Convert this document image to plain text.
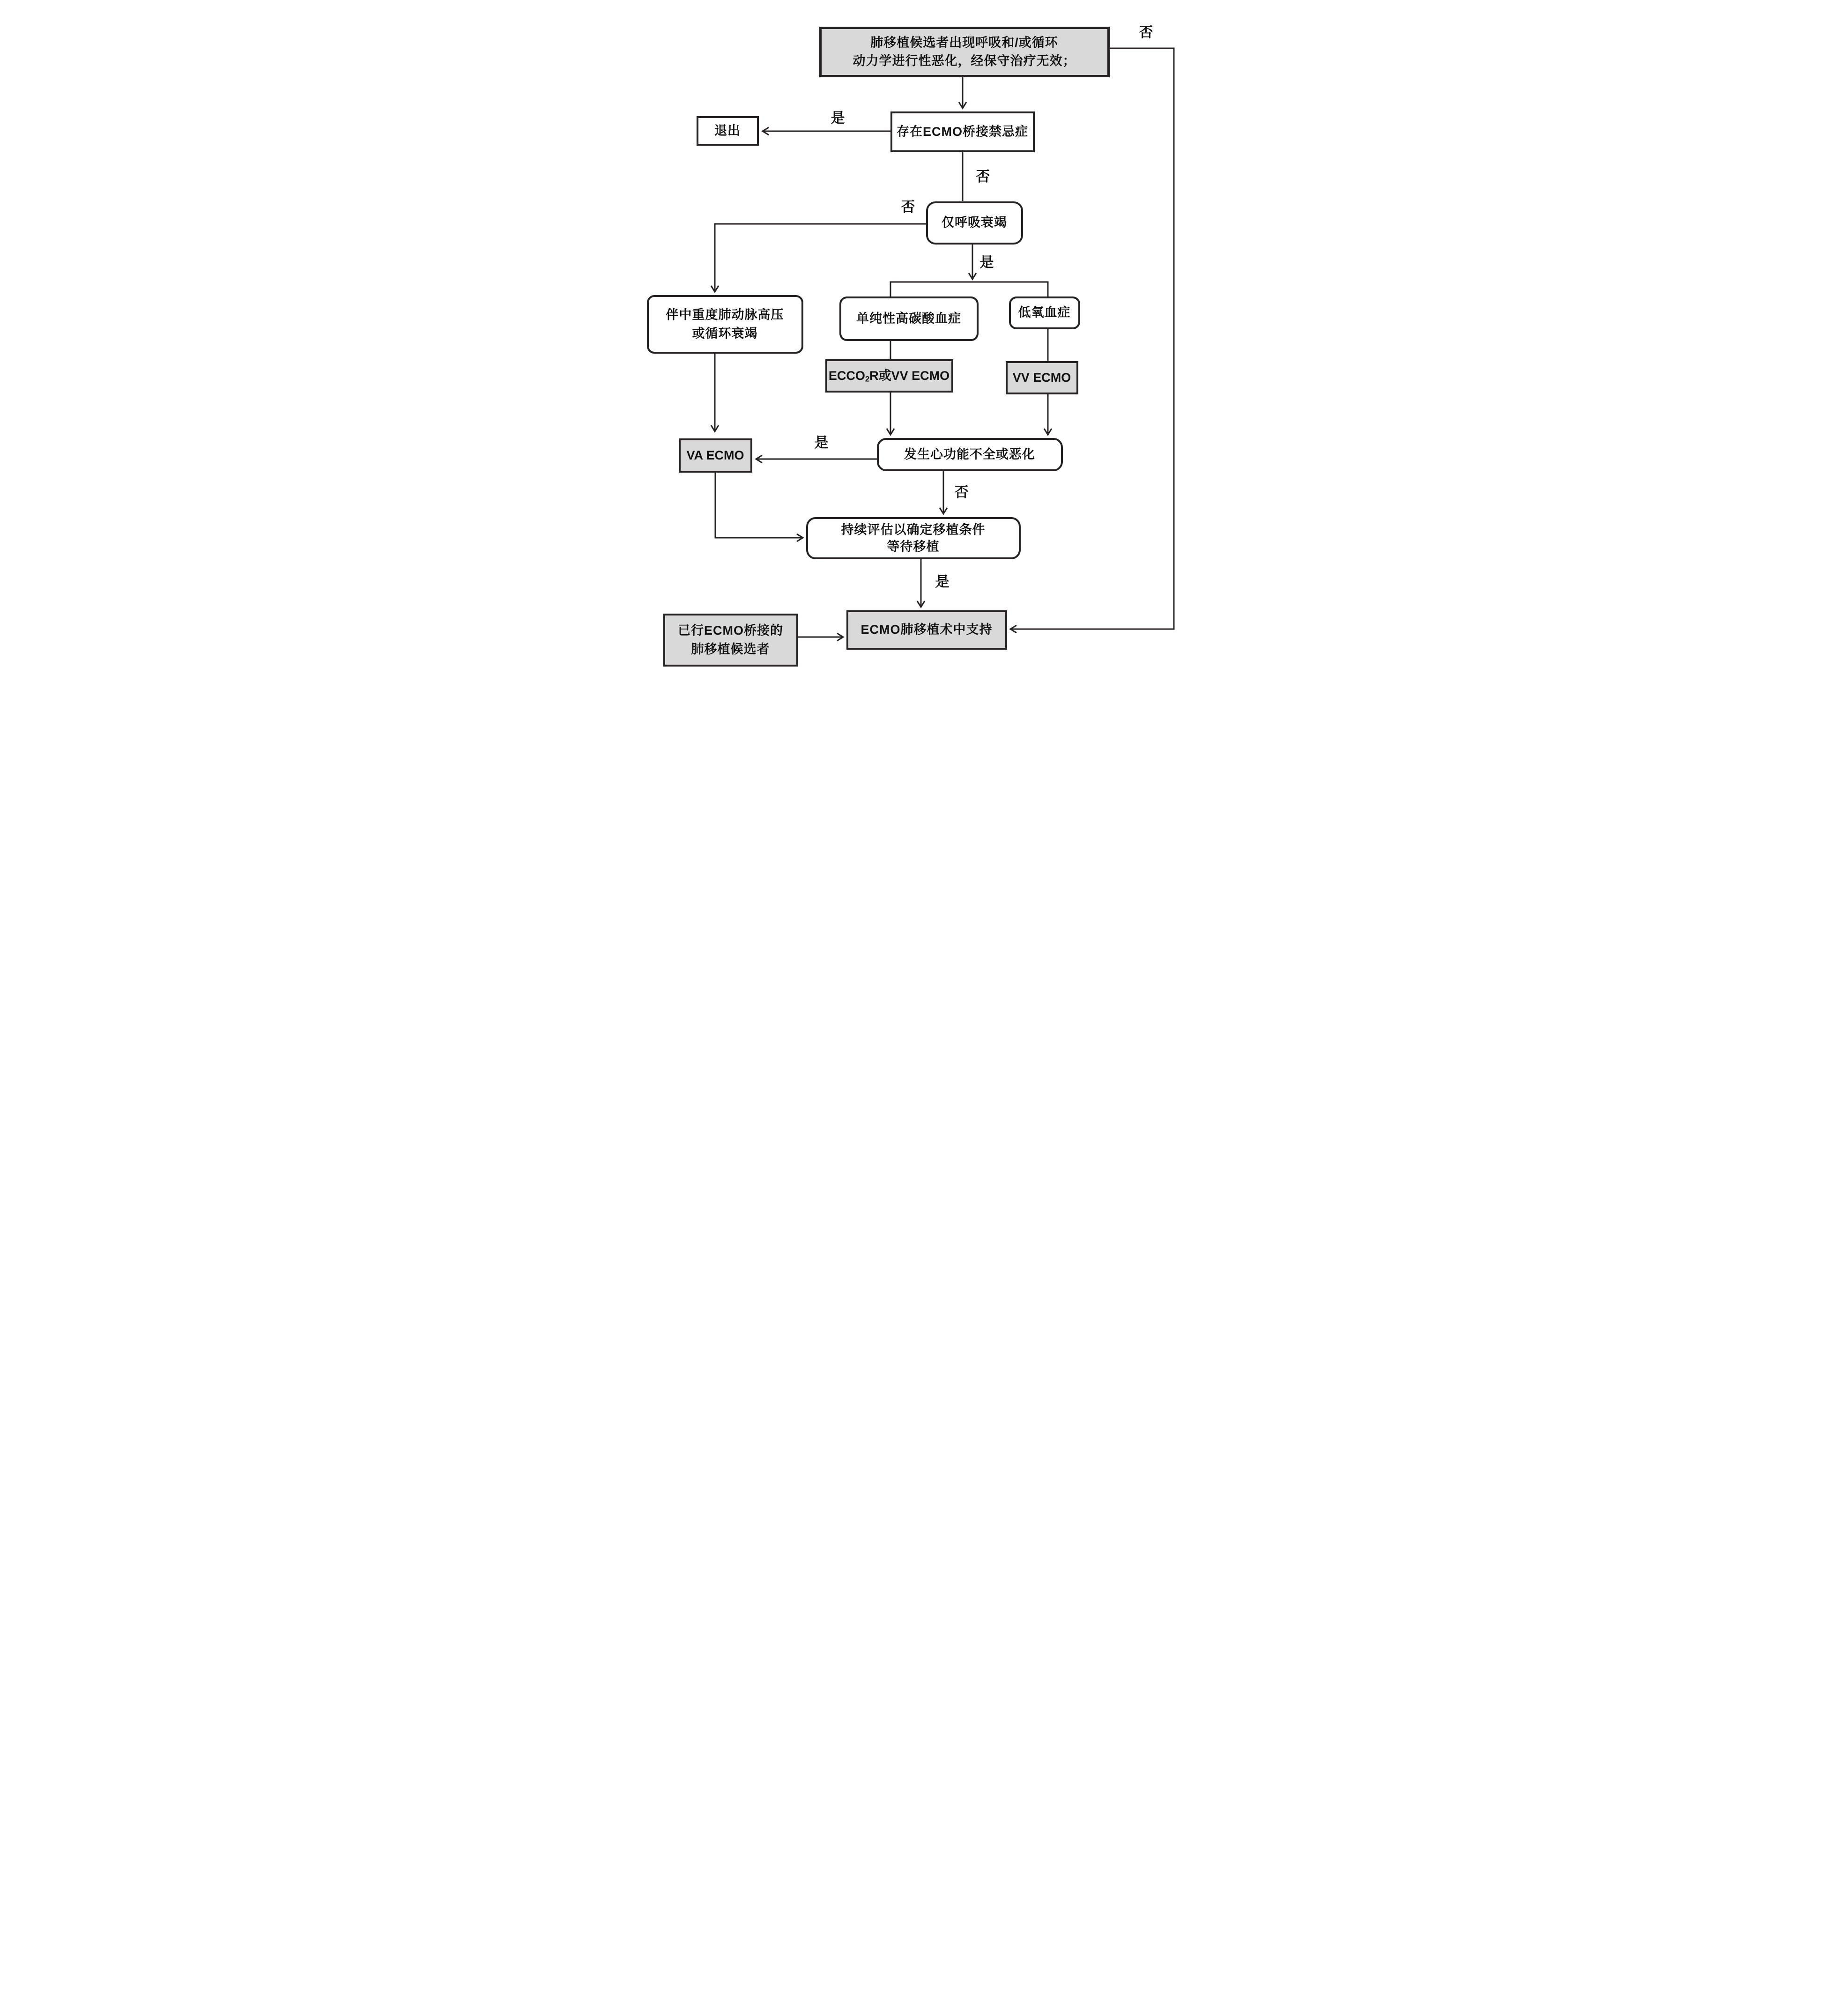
肺移植候选者出现呼吸和/或循环
动力学进行性恶化，经保守治疗无效；
存在ECMO桥接禁忌症
退出
仅呼吸衰竭
伴中重度肺动脉高压
或循环衰竭
单纯性高碳酸血症	低氧血症
ECCO 2 R或VV ECMO	VV ECMO
VA ECMO	发生心功能不全或恶化
持续评估以确定移植条件
等待移植
ECMO肺移植术中支持
已行ECMO桥接的
肺移植候选者
否
是
否
否
是
是
否
是
